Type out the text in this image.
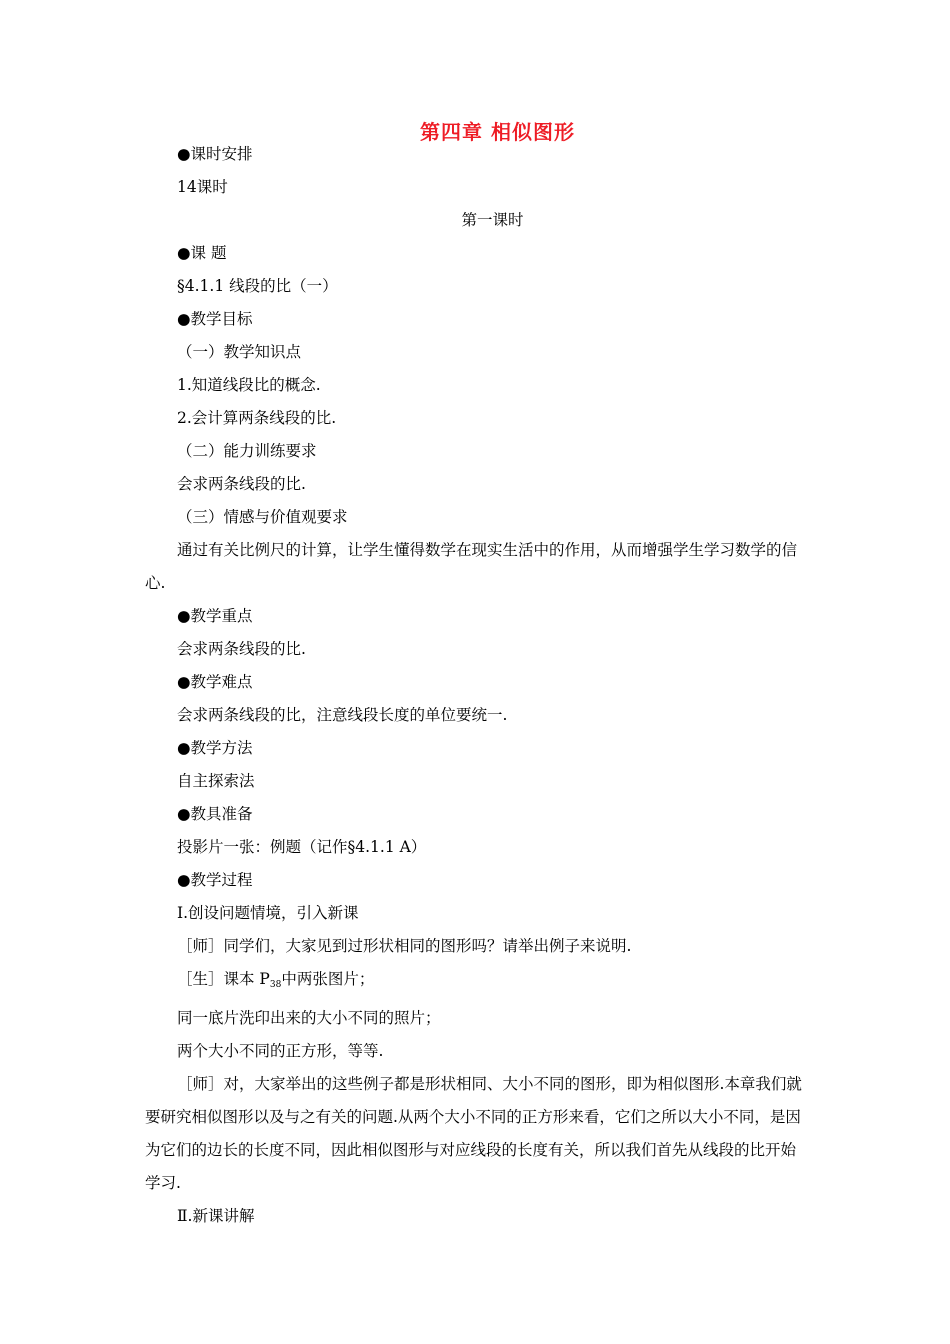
第四章 相似图形

●课时安排

14课时

第一课时

●课 题

§4.1.1 线段的比（一）

●教学目标

（一）教学知识点

1.知道线段比的概念.

2.会计算两条线段的比.

（二）能力训练要求

会求两条线段的比.

（三）情感与价值观要求

通过有关比例尺的计算，让学生懂得数学在现实生活中的作用，从而增强学生学习数学的信心.

●教学重点

会求两条线段的比.

●教学难点

会求两条线段的比，注意线段长度的单位要统一.

●教学方法

自主探索法

●教具准备

投影片一张：例题（记作§4.1.1 A）

●教学过程

Ⅰ.创设问题情境，引入新课

［师］同学们，大家见到过形状相同的图形吗？请举出例子来说明.

［生］课本 $P_{38}$中两张图片；

同一底片洗印出来的大小不同的照片；

两个大小不同的正方形，等等.

［师］对，大家举出的这些例子都是形状相同、大小不同的图形，即为相似图形.本章我们就要研究相似图形以及与之有关的问题.从两个大小不同的正方形来看，它们之所以大小不同，是因为它们的边长的长度不同，因此相似图形与对应线段的长度有关，所以我们首先从线段的比开始学习.

Ⅱ.新课讲解
